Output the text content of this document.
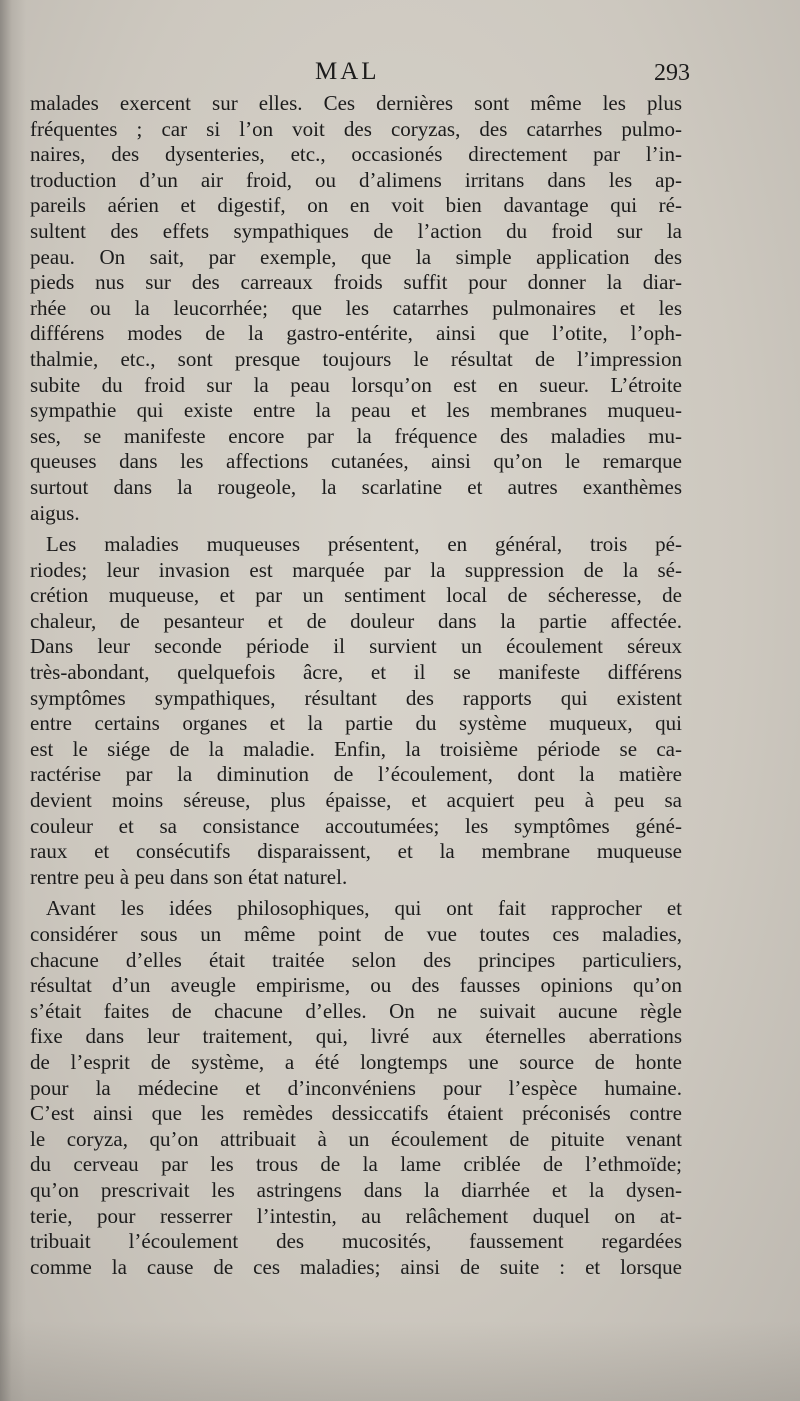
MAL	293
malades exercent sur elles. Ces dernières sont même les plus
fréquentes ; car si l’on voit des coryzas, des catarrhes pulmo-
naires, des dysenteries, etc., occasionés directement par l’in-
troduction d’un air froid, ou d’alimens irritans dans les ap-
pareils aérien et digestif, on en voit bien davantage qui ré-
sultent des effets sympathiques de l’action du froid sur la
peau. On sait, par exemple, que la simple application des
pieds nus sur des carreaux froids suffit pour donner la diar-
rhée ou la leucorrhée; que les catarrhes pulmonaires et les
différens modes de la gastro-entérite, ainsi que l’otite, l’oph-
thalmie, etc., sont presque toujours le résultat de l’impression
subite du froid sur la peau lorsqu’on est en sueur. L’étroite
sympathie qui existe entre la peau et les membranes muqueu-
ses, se manifeste encore par la fréquence des maladies mu-
queuses dans les affections cutanées, ainsi qu’on le remarque
surtout dans la rougeole, la scarlatine et autres exanthèmes
aigus.
Les maladies muqueuses présentent, en général, trois pé-
riodes; leur invasion est marquée par la suppression de la sé-
crétion muqueuse, et par un sentiment local de sécheresse, de
chaleur, de pesanteur et de douleur dans la partie affectée.
Dans leur seconde période il survient un écoulement séreux
très-abondant, quelquefois âcre, et il se manifeste différens
symptômes sympathiques, résultant des rapports qui existent
entre certains organes et la partie du système muqueux, qui
est le siége de la maladie. Enfin, la troisième période se ca-
ractérise par la diminution de l’écoulement, dont la matière
devient moins séreuse, plus épaisse, et acquiert peu à peu sa
couleur et sa consistance accoutumées; les symptômes géné-
raux et consécutifs disparaissent, et la membrane muqueuse
rentre peu à peu dans son état naturel.
Avant les idées philosophiques, qui ont fait rapprocher et
considérer sous un même point de vue toutes ces maladies,
chacune d’elles était traitée selon des principes particuliers,
résultat d’un aveugle empirisme, ou des fausses opinions qu’on
s’était faites de chacune d’elles. On ne suivait aucune règle
fixe dans leur traitement, qui, livré aux éternelles aberrations
de l’esprit de système, a été longtemps une source de honte
pour la médecine et d’inconvéniens pour l’espèce humaine.
C’est ainsi que les remèdes dessiccatifs étaient préconisés contre
le coryza, qu’on attribuait à un écoulement de pituite venant
du cerveau par les trous de la lame criblée de l’ethmoïde;
qu’on prescrivait les astringens dans la diarrhée et la dysen-
terie, pour resserrer l’intestin, au relâchement duquel on at-
tribuait l’écoulement des mucosités, faussement regardées
comme la cause de ces maladies; ainsi de suite : et lorsque
